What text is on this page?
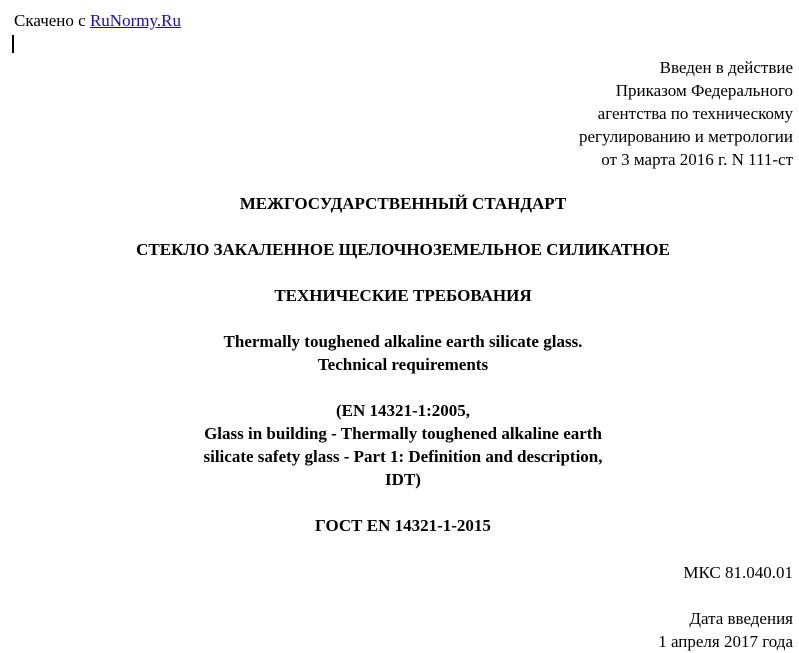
Скачено с RuNormy.Ru
Введен в действие
Приказом Федерального
агентства по техническому
регулированию и метрологии
от 3 марта 2016 г. N 111-ст
МЕЖГОСУДАРСТВЕННЫЙ СТАНДАРТ
СТЕКЛО ЗАКАЛЕННОЕ ЩЕЛОЧНОЗЕМЕЛЬНОЕ СИЛИКАТНОЕ
ТЕХНИЧЕСКИЕ ТРЕБОВАНИЯ
Thermally toughened alkaline earth silicate glass.
Technical requirements
(EN 14321-1:2005,
Glass in building - Thermally toughened alkaline earth
silicate safety glass - Part 1: Definition and description,
IDT)
ГОСТ EN 14321-1-2015
МКС 81.040.01
Дата введения
1 апреля 2017 года
